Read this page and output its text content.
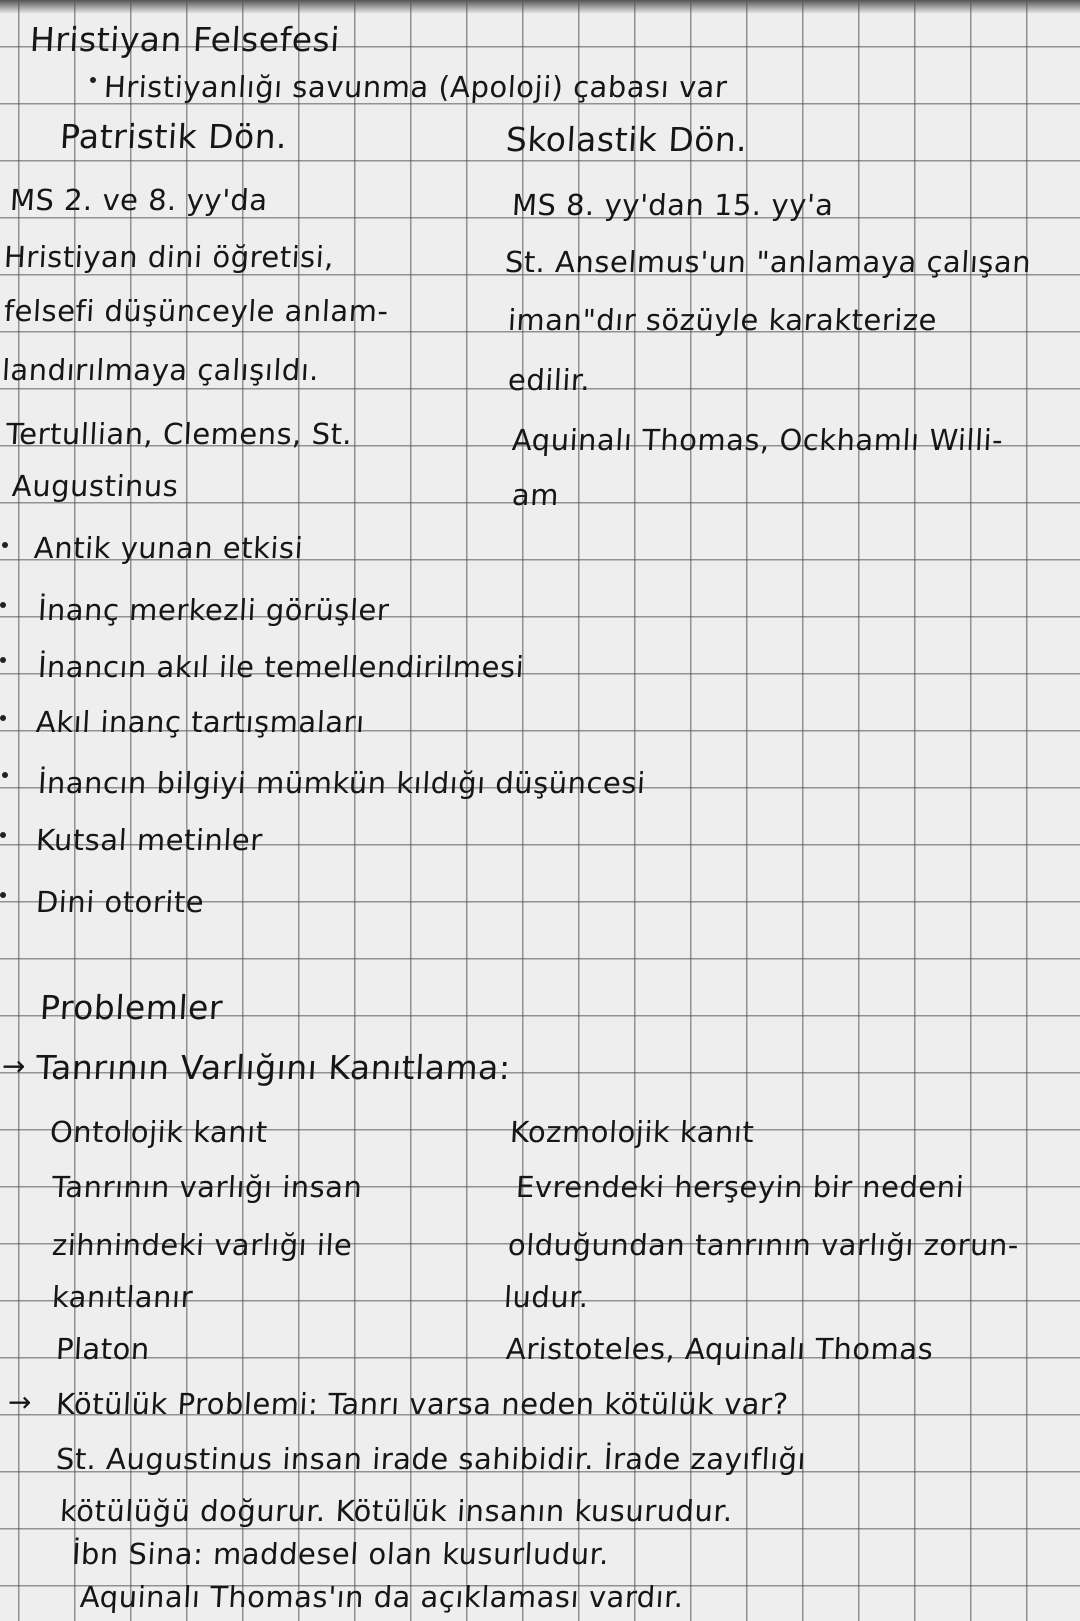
Hristiyan Felsefesi
Hristiyanlığı savunma (Apoloji) çabası var
Patristik Dön.	Skolastik Dön.
MS 2. ve 8. yy'da
Hristiyan dini öğretisi,
felsefi düşünceyle anlam-
landırılmaya çalışıldı.
Tertullian, Clemens, St.
Augustinus
MS 8. yy'dan 15. yy'a
St. Anselmus'un "anlamaya çalışan
iman"dır sözüyle karakterize
edilir.
Aquinalı Thomas, Ockhamlı Willi-
am
Antik yunan etkisi
İnanç merkezli görüşler
İnancın akıl ile temellendirilmesi
Akıl inanç tartışmaları
İnancın bilgiyi mümkün kıldığı düşüncesi
Kutsal metinler
Dini otorite
Problemler
→ Tanrının Varlığını Kanıtlama:
Ontolojik kanıt
Tanrının varlığı insan
zihnindeki varlığı ile
kanıtlanır
Platon
Kozmolojik kanıt
Evrendeki herşeyin bir nedeni
olduğundan tanrının varlığı zorun-
ludur.
Aristoteles, Aquinalı Thomas
→ Kötülük Problemi: Tanrı varsa neden kötülük var?
St. Augustinus insan irade sahibidir. İrade zayıflığı
kötülüğü doğurur. Kötülük insanın kusurudur.
İbn Sina: maddesel olan kusurludur.
Aquinalı Thomas'ın da açıklaması vardır.
